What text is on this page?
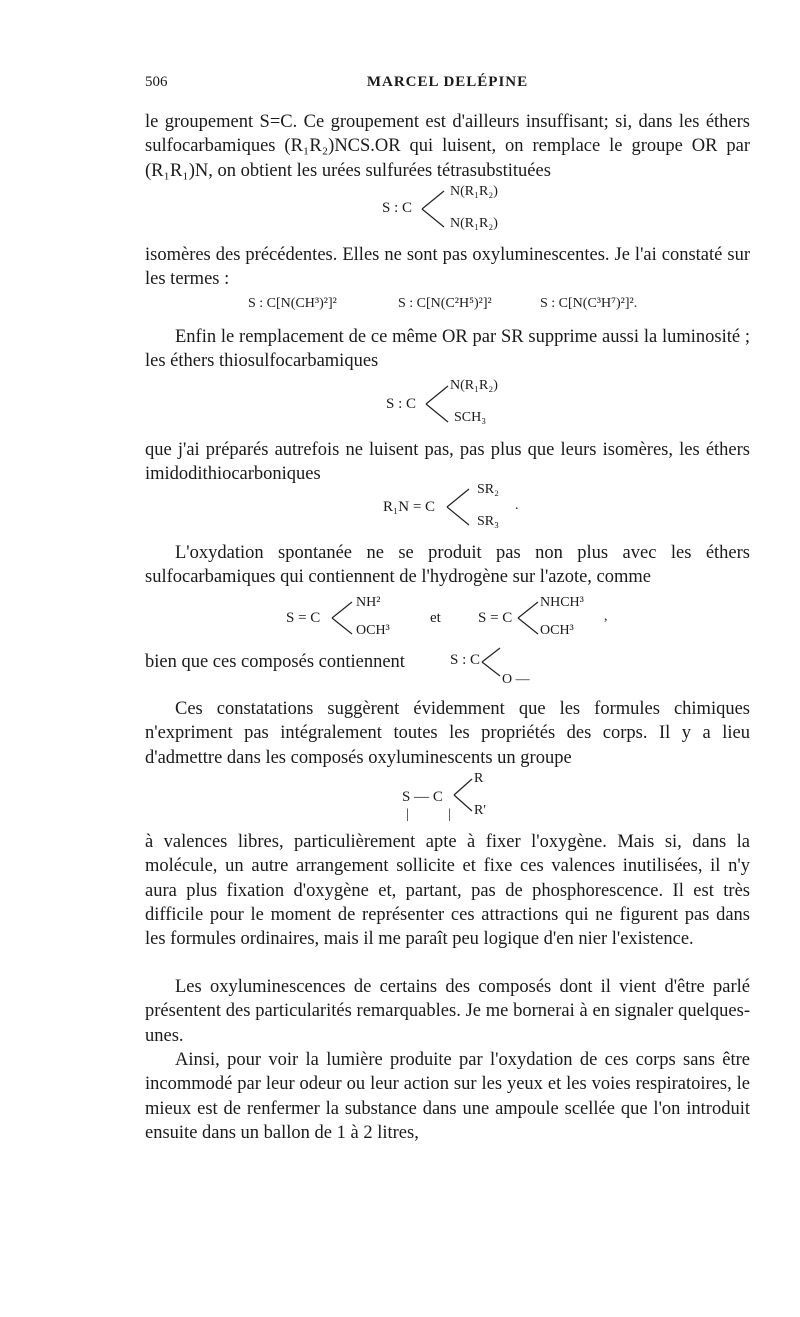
506	MARCEL DELÉPINE

le groupement S=C. Ce groupement est d'ailleurs insuffisant; si, dans les éthers sulfocarbamiques (R₁R₂)NCS.OR qui luisent, on remplace le groupe OR par (R₁R₁)N, on obtient les urées sulfurées tétrasubstituées

S : C
N(R₁R₂)
N(R₁R₂)

isomères des précédentes. Elles ne sont pas oxyluminescentes. Je l'ai constaté sur les termes :

S : C[N(CH³)²]²	S : C[N(C²H⁵)²]²	S : C[N(C³H⁷)²]².

Enfin le remplacement de ce même OR par SR supprime aussi la luminosité ; les éthers thiosulfocarbamiques

S : C
N(R₁R₂)
SCH₃

que j'ai préparés autrefois ne luisent pas, pas plus que leurs isomères, les éthers imidodithiocarboniques

R₁N = C
SR₂
SR₃
.

L'oxydation spontanée ne se produit pas non plus avec les éthers sulfocarbamiques qui contiennent de l'hydrogène sur l'azote, comme

S = C
NH²
OCH³
et S = C
NHCH³
OCH³
,

bien que ces composés contiennent	S : C
O —

Ces constatations suggèrent évidemment que les formules chimiques n'expriment pas intégralement toutes les propriétés des corps. Il y a lieu d'admettre dans les composés oxyluminescents un groupe

S — C
R
R'
|	|

à valences libres, particulièrement apte à fixer l'oxygène. Mais si, dans la molécule, un autre arrangement sollicite et fixe ces valences inutilisées, il n'y aura plus fixation d'oxygène et, partant, pas de phosphorescence. Il est très difficile pour le moment de représenter ces attractions qui ne figurent pas dans les formules ordinaires, mais il me paraît peu logique d'en nier l'existence.

Les oxyluminescences de certains des composés dont il vient d'être parlé présentent des particularités remarquables. Je me bornerai à en signaler quelques-unes.

Ainsi, pour voir la lumière produite par l'oxydation de ces corps sans être incommodé par leur odeur ou leur action sur les yeux et les voies respiratoires, le mieux est de renfermer la substance dans une ampoule scellée que l'on introduit ensuite dans un ballon de 1 à 2 litres,
